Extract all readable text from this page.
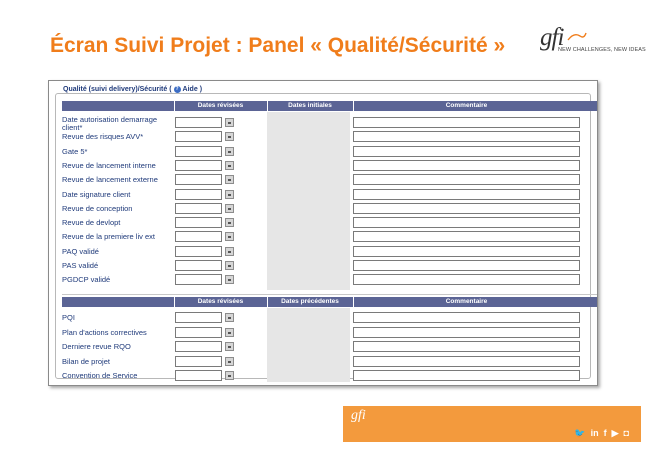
Écran Suivi Projet : Panel « Qualité/Sécurité » gfi
NEW CHALLENGES, NEW IDEAS
Qualité (suivi delivery)/Sécurité ( ? Aide )
Dates révisées	Dates initiales	Commentaire
Date autorisation demarrage client*
Revue des risques AVV*
Gate 5*
Revue de lancement interne
Revue de lancement externe
Date signature client
Revue de conception
Revue de devlopt
Revue de la premiere liv ext
PAQ validé
PAS validé
PGDCP validé
Dates révisées	Dates précédentes	Commentaire
PQI
Plan d'actions correctives
Derniere revue RQO
Bilan de projet
Convention de Service
gfi
🐦 in f ▶ ◘
